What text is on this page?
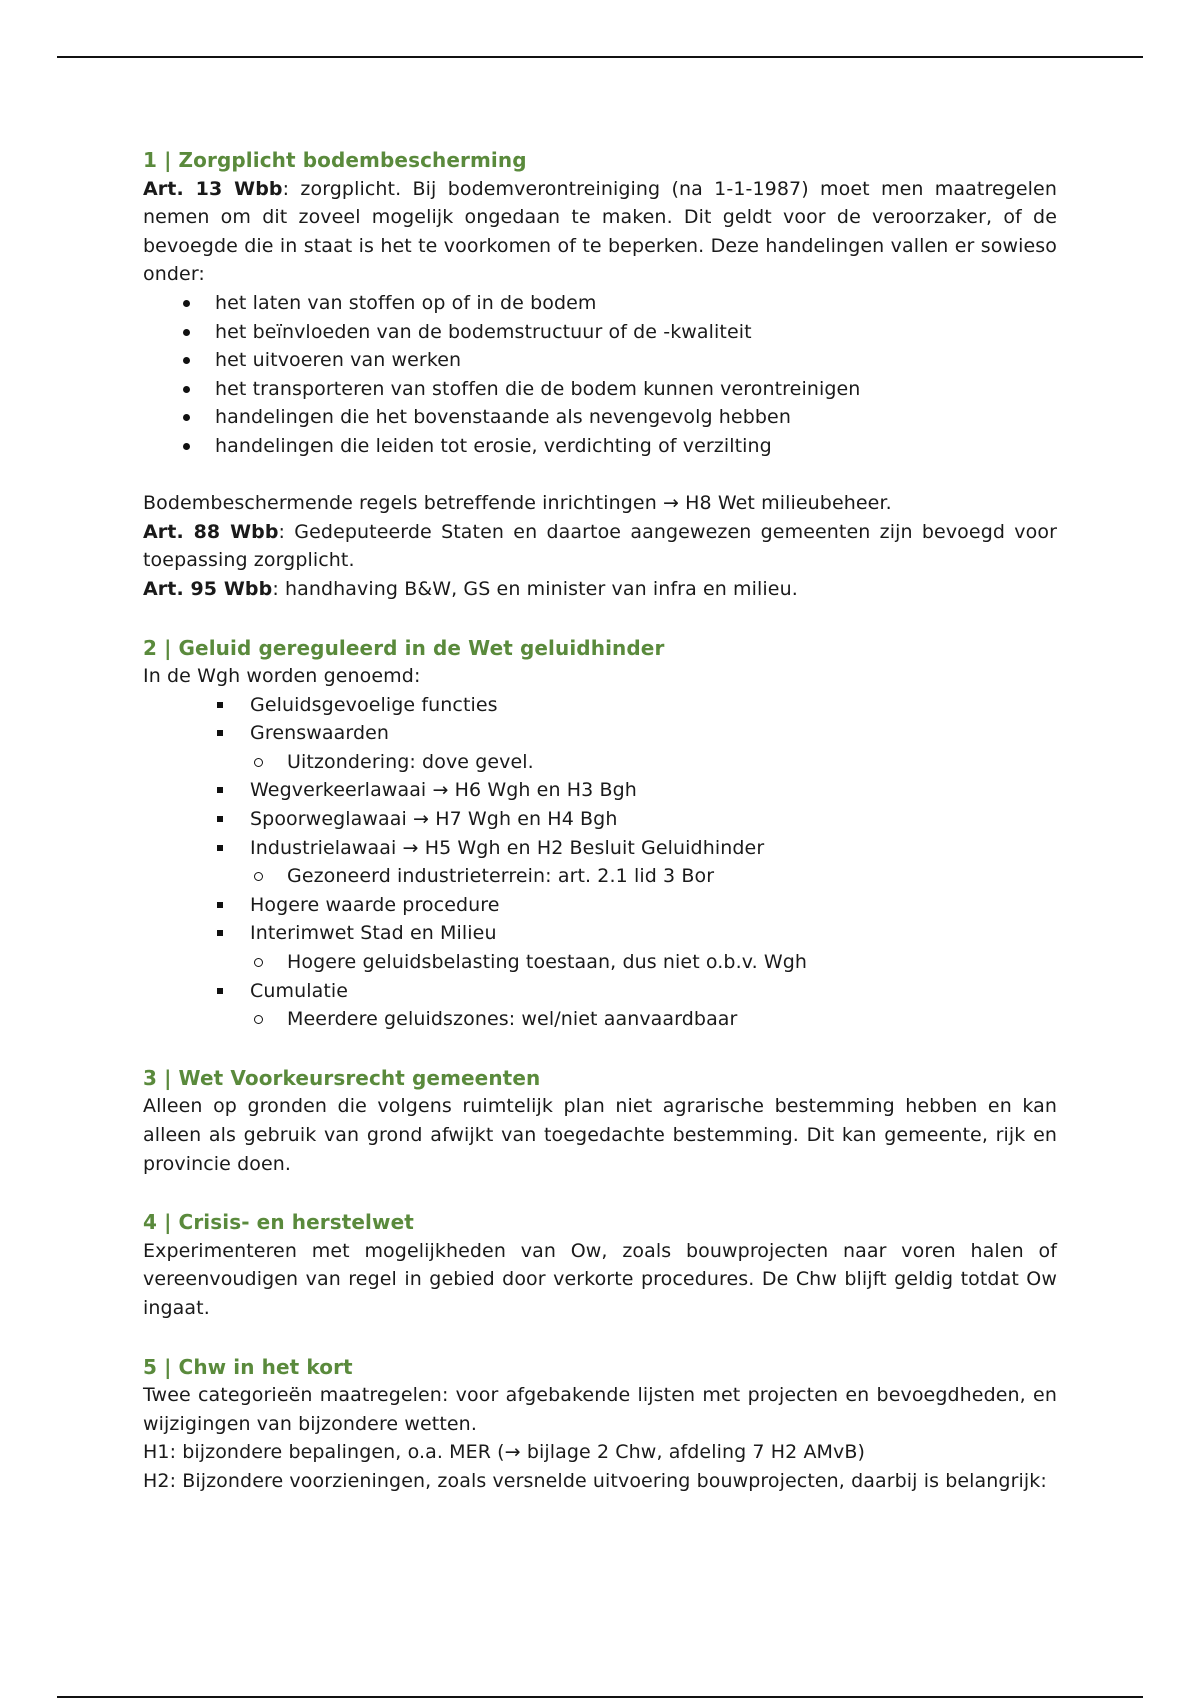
1 | Zorgplicht bodembescherming

Art. 13 Wbb: zorgplicht. Bij bodemverontreiniging (na 1-1-1987) moet men maatregelen nemen om dit zoveel mogelijk ongedaan te maken. Dit geldt voor de veroorzaker, of de bevoegde die in staat is het te voorkomen of te beperken. Deze handelingen vallen er sowieso onder:

het laten van stoffen op of in de bodem
het beïnvloeden van de bodemstructuur of de -kwaliteit
het uitvoeren van werken
het transporteren van stoffen die de bodem kunnen verontreinigen
handelingen die het bovenstaande als nevengevolg hebben
handelingen die leiden tot erosie, verdichting of verzilting

Bodembeschermende regels betreffende inrichtingen → H8 Wet milieubeheer.

Art. 88 Wbb: Gedeputeerde Staten en daartoe aangewezen gemeenten zijn bevoegd voor toepassing zorgplicht.

Art. 95 Wbb: handhaving B&W, GS en minister van infra en milieu.

2 | Geluid gereguleerd in de Wet geluidhinder

In de Wgh worden genoemd:

Geluidsgevoelige functies
Grenswaarden
Uitzondering: dove gevel.
Wegverkeerlawaai → H6 Wgh en H3 Bgh
Spoorweglawaai → H7 Wgh en H4 Bgh
Industrielawaai → H5 Wgh en H2 Besluit Geluidhinder
Gezoneerd industrieterrein: art. 2.1 lid 3 Bor
Hogere waarde procedure
Interimwet Stad en Milieu
Hogere geluidsbelasting toestaan, dus niet o.b.v. Wgh
Cumulatie
Meerdere geluidszones: wel/niet aanvaardbaar
3 | Wet Voorkeursrecht gemeenten

Alleen op gronden die volgens ruimtelijk plan niet agrarische bestemming hebben en kan alleen als gebruik van grond afwijkt van toegedachte bestemming. Dit kan gemeente, rijk en provincie doen.

4 | Crisis- en herstelwet

Experimenteren met mogelijkheden van Ow, zoals bouwprojecten naar voren halen of vereenvoudigen van regel in gebied door verkorte procedures. De Chw blijft geldig totdat Ow ingaat.

5 | Chw in het kort

Twee categorieën maatregelen: voor afgebakende lijsten met projecten en bevoegdheden, en wijzigingen van bijzondere wetten.

H1: bijzondere bepalingen, o.a. MER (→ bijlage 2 Chw, afdeling 7 H2 AMvB)

H2: Bijzondere voorzieningen, zoals versnelde uitvoering bouwprojecten, daarbij is belangrijk:
